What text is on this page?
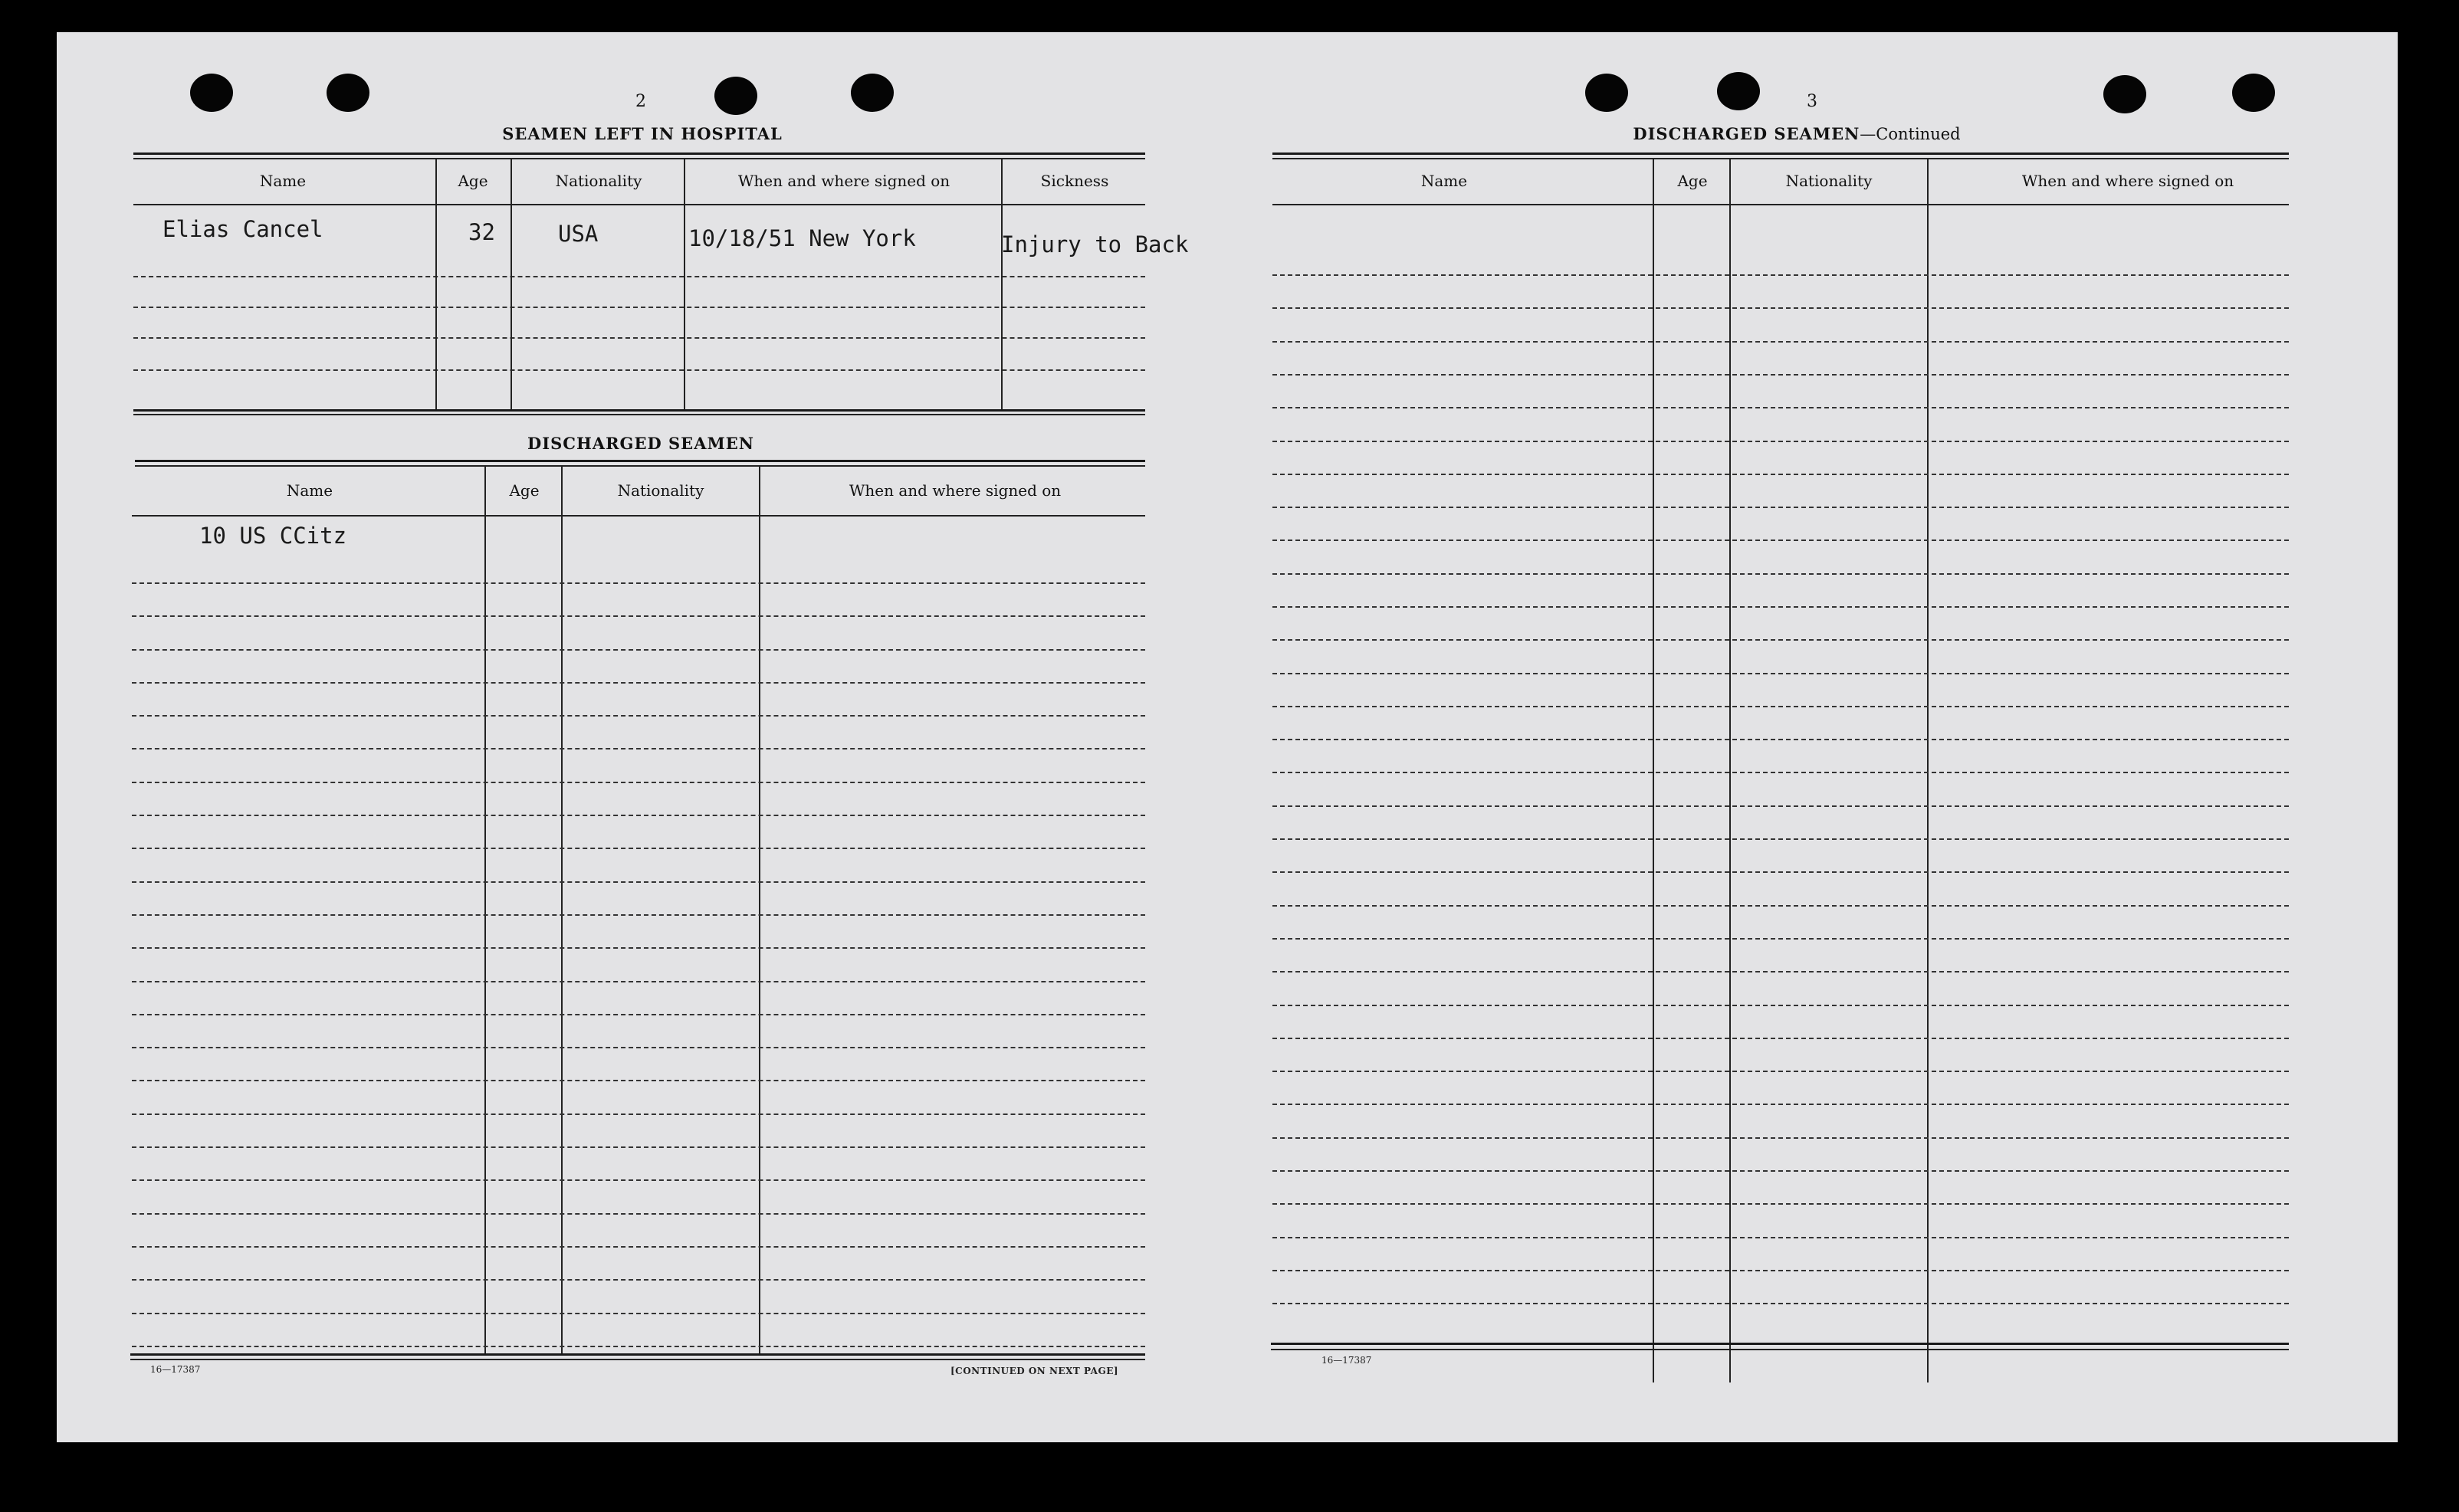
2
SEAMEN LEFT IN HOSPITAL
Name	Age	Nationality	When and where signed on	Sickness
Elias Cancel	32	USA	10/18/51 New York	Injury to Back
DISCHARGED SEAMEN
Name	Age	Nationality	When and where signed on
10 US CCitz
16—17387	[CONTINUED ON NEXT PAGE]
3
DISCHARGED SEAMEN—Continued
Name	Age	Nationality	When and where signed on
16—17387
